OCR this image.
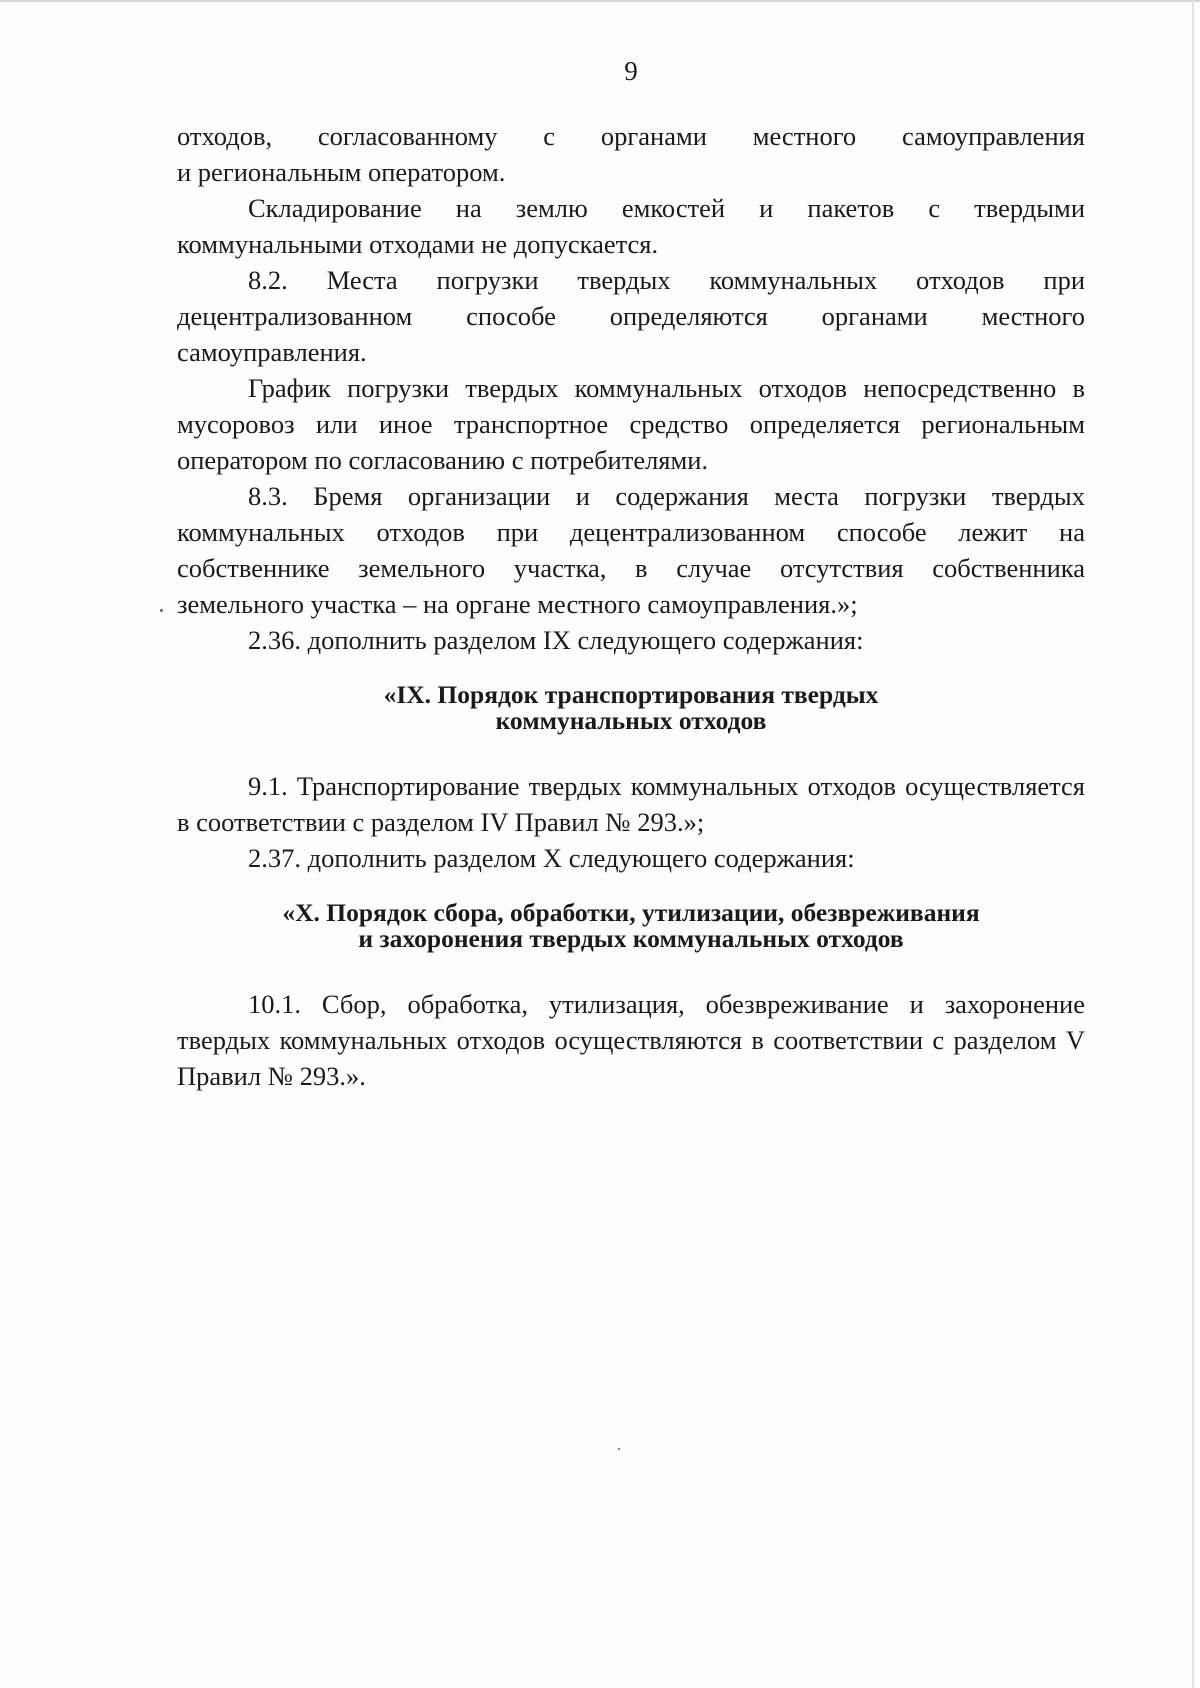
9

отходов, согласованному с органами местного самоуправления

и региональным оператором.

Складирование на землю емкостей и пакетов с твердыми коммунальными отходами не допускается.

8.2. Места погрузки твердых коммунальных отходов при децентрализованном способе определяются органами местного самоуправления.

График погрузки твердых коммунальных отходов непосредственно в мусоровоз или иное транспортное средство определяется региональным оператором по согласованию с потребителями.

8.3. Бремя организации и содержания места погрузки твердых коммунальных отходов при децентрализованном способе лежит на собственнике земельного участка, в случае отсутствия собственника земельного участка – на органе местного самоуправления.»;

2.36. дополнить разделом IX следующего содержания:

«IX. Порядок транспортирования твердых
коммунальных отходов

9.1. Транспортирование твердых коммунальных отходов осуществляется в соответствии с разделом IV Правил № 293.»;

2.37. дополнить разделом X следующего содержания:

«X. Порядок сбора, обработки, утилизации, обезвреживания
и захоронения твердых коммунальных отходов

10.1. Сбор, обработка, утилизация, обезвреживание и захоронение твердых коммунальных отходов осуществляются в соответствии с разделом V Правил № 293.».
